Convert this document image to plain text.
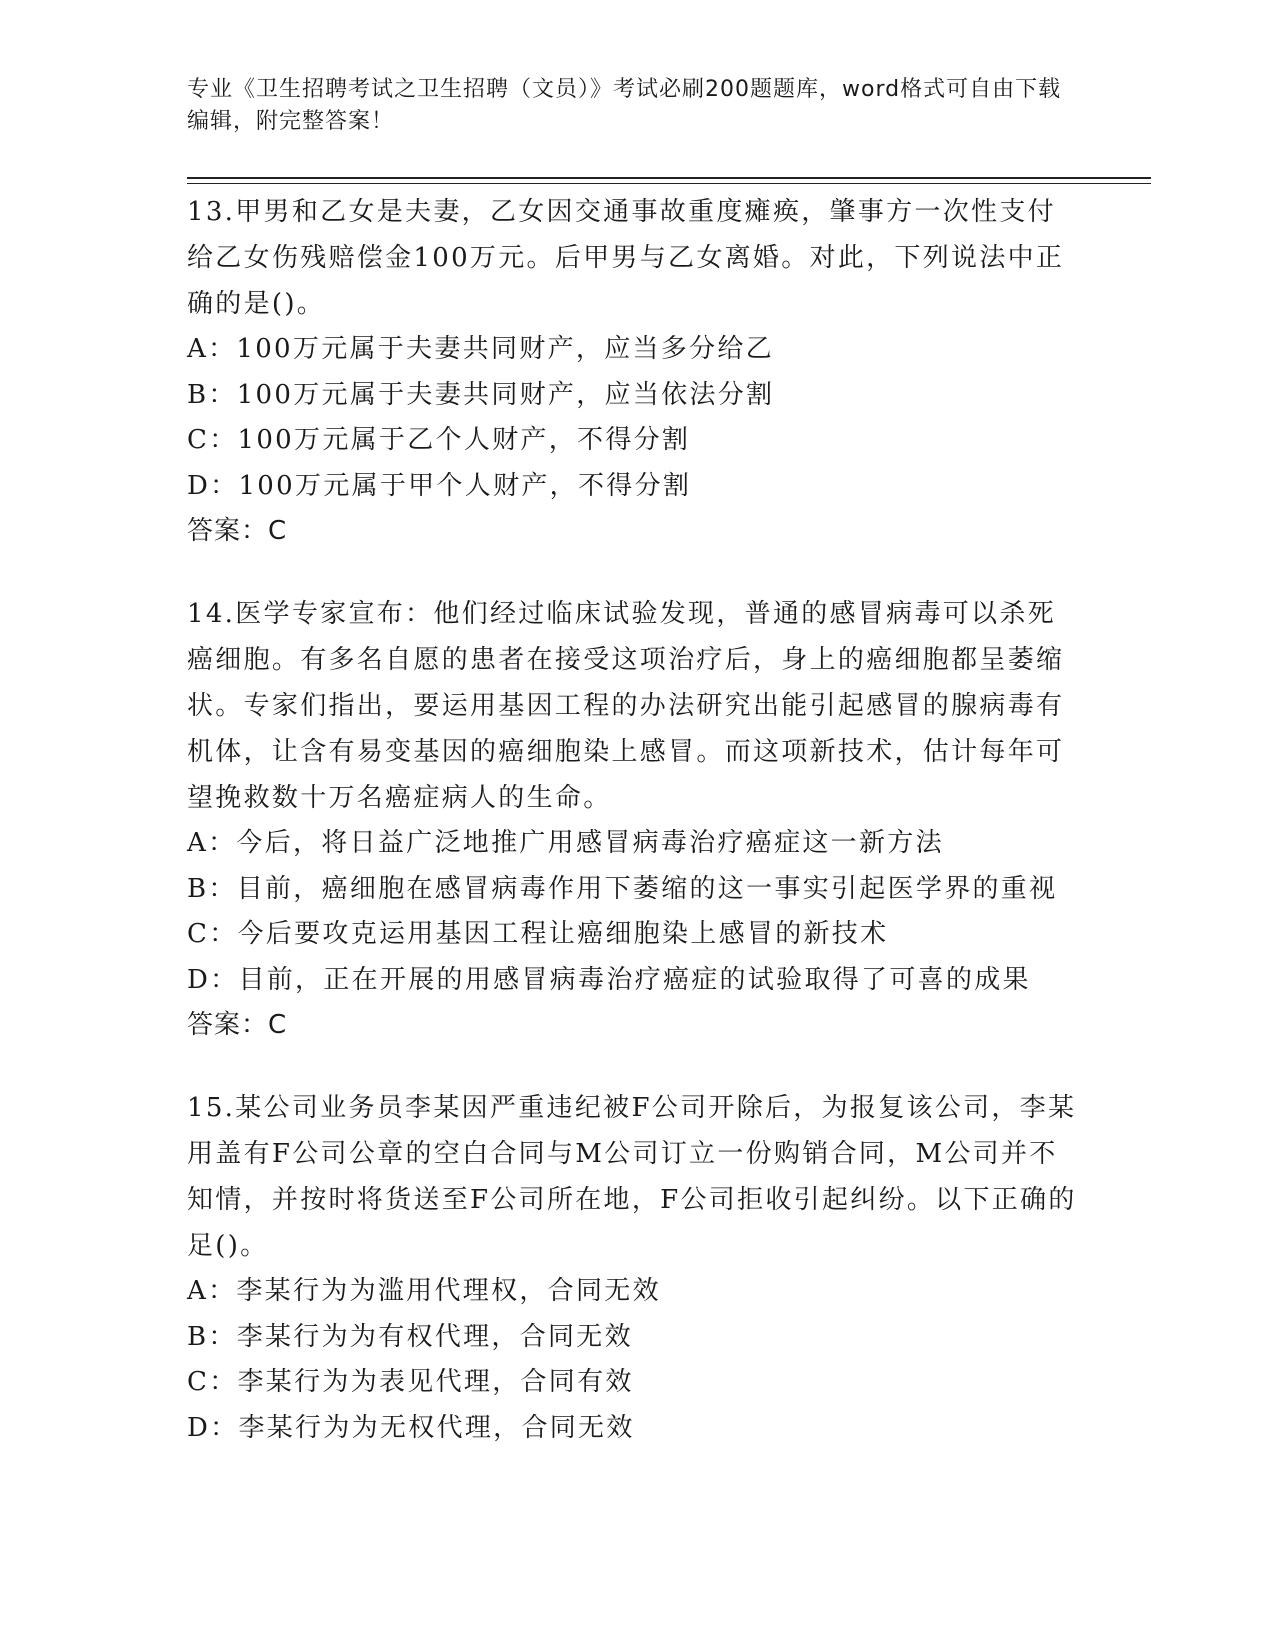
专业《卫生招聘考试之卫生招聘（文员）》考试必刷200题题库，word格式可自由下载编辑，附完整答案！
13.甲男和乙女是夫妻，乙女因交通事故重度瘫痪，肇事方一次性支付给乙女伤残赔偿金100万元。后甲男与乙女离婚。对此，下列说法中正确的是()。
A：100万元属于夫妻共同财产，应当多分给乙
B：100万元属于夫妻共同财产，应当依法分割
C：100万元属于乙个人财产，不得分割
D：100万元属于甲个人财产，不得分割
答案：C
14.医学专家宣布：他们经过临床试验发现，普通的感冒病毒可以杀死癌细胞。有多名自愿的患者在接受这项治疗后，身上的癌细胞都呈萎缩状。专家们指出，要运用基因工程的办法研究出能引起感冒的腺病毒有机体，让含有易变基因的癌细胞染上感冒。而这项新技术，估计每年可望挽救数十万名癌症病人的生命。
A：今后，将日益广泛地推广用感冒病毒治疗癌症这一新方法
B：目前，癌细胞在感冒病毒作用下萎缩的这一事实引起医学界的重视
C：今后要攻克运用基因工程让癌细胞染上感冒的新技术
D：目前，正在开展的用感冒病毒治疗癌症的试验取得了可喜的成果
答案：C
15.某公司业务员李某因严重违纪被F公司开除后，为报复该公司，李某用盖有F公司公章的空白合同与M公司订立一份购销合同，M公司并不知情，并按时将货送至F公司所在地，F公司拒收引起纠纷。以下正确的足()。
A：李某行为为滥用代理权，合同无效
B：李某行为为有权代理，合同无效
C：李某行为为表见代理，合同有效
D：李某行为为无权代理，合同无效
